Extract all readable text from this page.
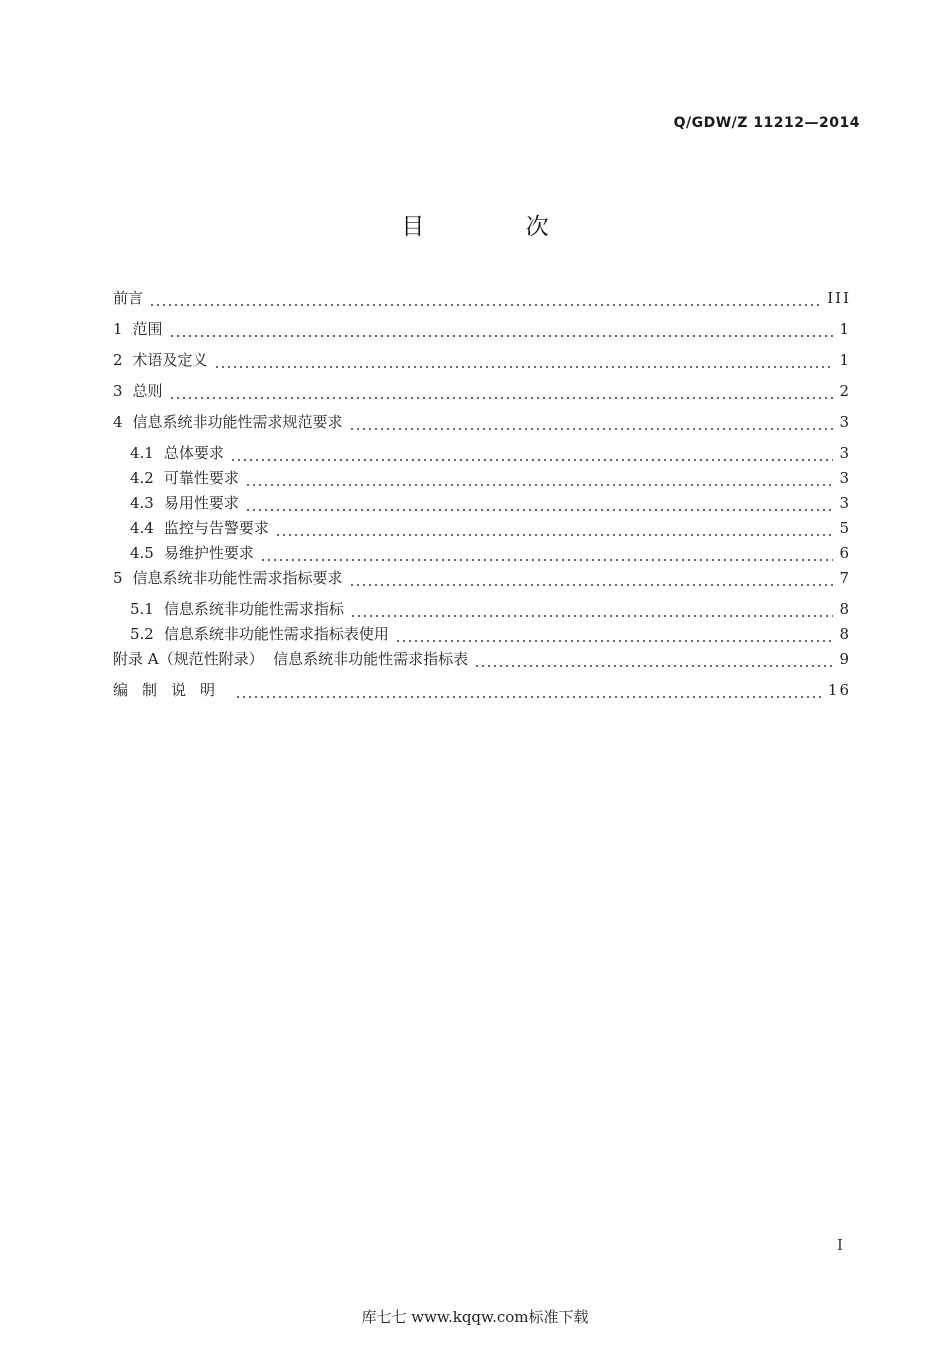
Q/GDW/Z 11212—2014
目 次
前言	III
1 范围	1
2 术语及定义	1
3 总则	2
4 信息系统非功能性需求规范要求	3
4.1 总体要求	3
4.2 可靠性要求	3
4.3 易用性要求	3
4.4 监控与告警要求	5
4.5 易维护性要求	6
5 信息系统非功能性需求指标要求	7
5.1 信息系统非功能性需求指标	8
5.2 信息系统非功能性需求指标表使用	8
附录 A（规范性附录）  信息系统非功能性需求指标表	9
编制说明	16
I
库七七 www.kqqw.com标准下载
